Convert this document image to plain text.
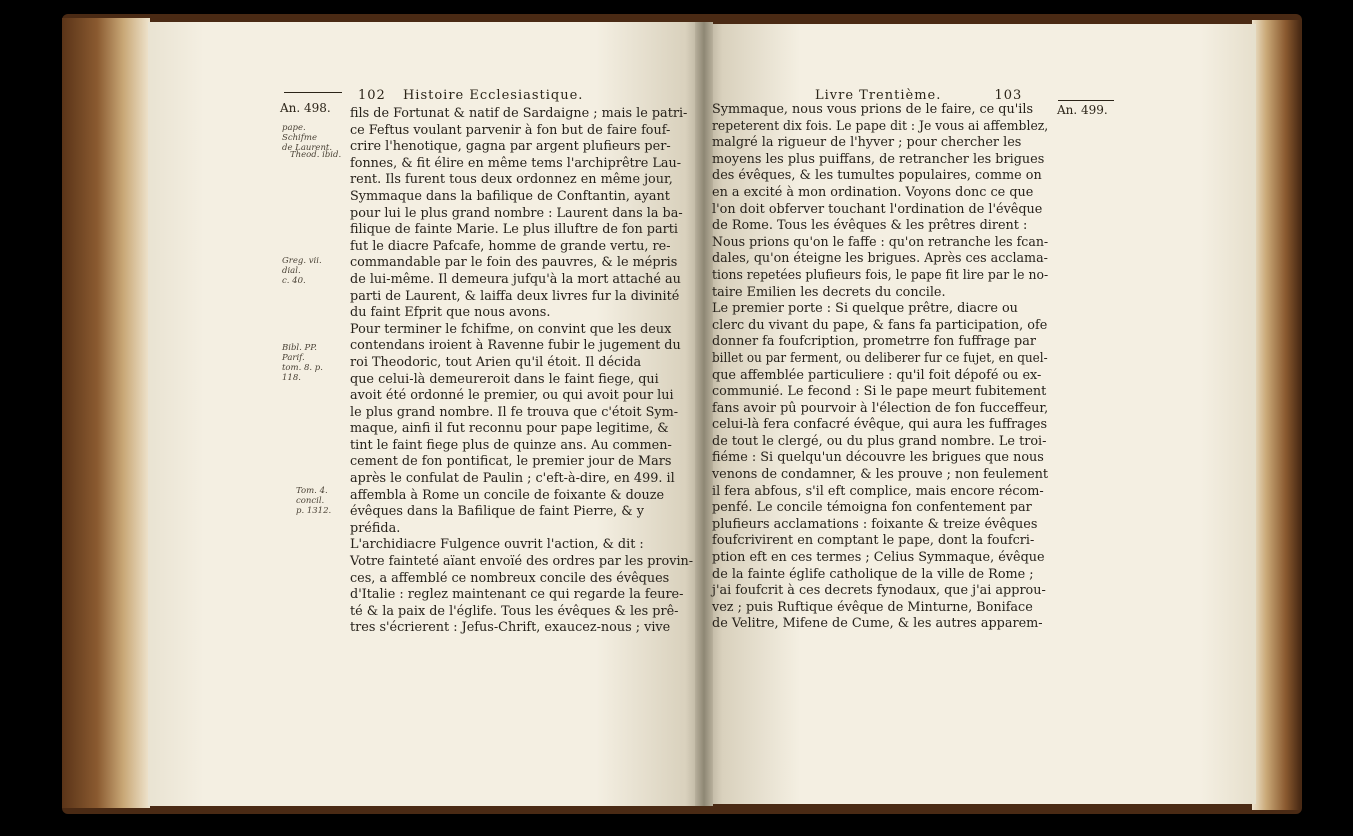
102 Histoire Ecclesiastique.
An. 498.
pape. Schifme
de Laurent.
Theod. ibid.
Greg. vii. dial.
c. 40.
Bibl. PP. Parif.
tom. 8. p. 118.
Tom. 4. concil.
p. 1312.
fils de Fortunat & natif de Sardaigne ; mais le patri-
ce Feftus voulant parvenir à fon but de faire fouf-
crire l'henotique, gagna par argent plufieurs per-
fonnes, & fit élire en même tems l'archiprêtre Lau-
rent. Ils furent tous deux ordonnez en même jour,
Symmaque dans la bafilique de Conftantin, ayant
pour lui le plus grand nombre : Laurent dans la ba-
filique de fainte Marie. Le plus illuftre de fon parti
fut le diacre Pafcafe, homme de grande vertu, re-
commandable par le foin des pauvres, & le mépris
de lui-même. Il demeura jufqu'à la mort attaché au
parti de Laurent, & laiffa deux livres fur la divinité
du faint Efprit que nous avons.
Pour terminer le fchifme, on convint que les deux
contendans iroient à Ravenne fubir le jugement du
roi Theodoric, tout Arien qu'il étoit. Il décida
que celui-là demeureroit dans le faint fiege, qui
avoit été ordonné le premier, ou qui avoit pour lui
le plus grand nombre. Il fe trouva que c'étoit Sym-
maque, ainfi il fut reconnu pour pape legitime, &
tint le faint fiege plus de quinze ans. Au commen-
cement de fon pontificat, le premier jour de Mars
après le confulat de Paulin ; c'eft-à-dire, en 499. il
affembla à Rome un concile de foixante & douze
évêques dans la Bafilique de faint Pierre, & y
préfida.
L'archidiacre Fulgence ouvrit l'action, & dit :
Votre fainteté aïant envoïé des ordres par les provin-
ces, a affemblé ce nombreux concile des évêques
d'Italie : reglez maintenant ce qui regarde la feure-
té & la paix de l'églife. Tous les évêques & les prê-
tres s'écrierent : Jefus-Chrift, exaucez-nous ; vive
Livre Trentième.	103
An. 499.
Symmaque, nous vous prions de le faire, ce qu'ils
repeterent dix fois. Le pape dit : Je vous ai affemblez,
malgré la rigueur de l'hyver ; pour chercher les
moyens les plus puiffans, de retrancher les brigues
des évêques, & les tumultes populaires, comme on
en a excité à mon ordination. Voyons donc ce que
l'on doit obferver touchant l'ordination de l'évêque
de Rome. Tous les évêques & les prêtres dirent :
Nous prions qu'on le faffe : qu'on retranche les fcan-
dales, qu'on éteigne les brigues. Après ces acclama-
tions repetées plufieurs fois, le pape fit lire par le no-
taire Emilien les decrets du concile.
Le premier porte : Si quelque prêtre, diacre ou
clerc du vivant du pape, & fans fa participation, ofe
donner fa foufcription, prometrre fon fuffrage par
billet ou par ferment, ou deliberer fur ce fujet, en quel-
que affemblée particuliere : qu'il foit dépofé ou ex-
communié. Le fecond : Si le pape meurt fubitement
fans avoir pû pourvoir à l'élection de fon fucceffeur,
celui-là fera confacré évêque, qui aura les fuffrages
de tout le clergé, ou du plus grand nombre. Le troi-
fiéme : Si quelqu'un découvre les brigues que nous
venons de condamner, & les prouve ; non feulement
il fera abfous, s'il eft complice, mais encore récom-
penfé. Le concile témoigna fon confentement par
plufieurs acclamations : foixante & treize évêques
foufcrivirent en comptant le pape, dont la foufcri-
ption eft en ces termes ; Celius Symmaque, évêque
de la fainte églife catholique de la ville de Rome ;
j'ai foufcrit à ces decrets fynodaux, que j'ai approu-
vez ; puis Ruftique évêque de Minturne, Boniface
de Velitre, Mifene de Cume, & les autres apparem-
